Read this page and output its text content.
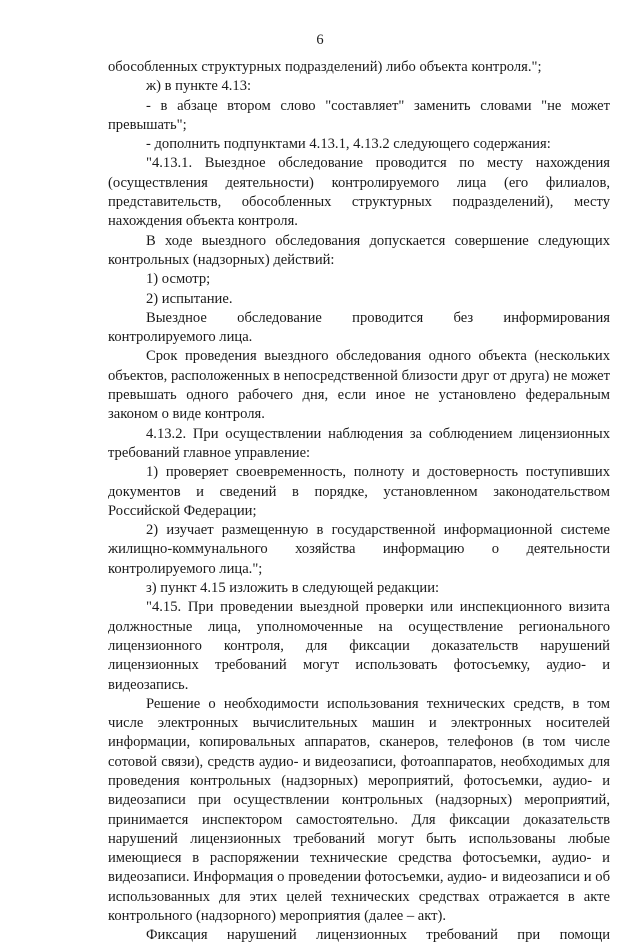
6

обособленных структурных подразделений) либо объекта контроля.";

ж) в пункте 4.13:

- в абзаце втором слово "составляет" заменить словами "не может превышать";

- дополнить подпунктами 4.13.1, 4.13.2 следующего содержания:

"4.13.1. Выездное обследование проводится по месту нахождения (осуществления деятельности) контролируемого лица (его филиалов, представительств, обособленных структурных подразделений), месту нахождения объекта контроля.

В ходе выездного обследования допускается совершение следующих контрольных (надзорных) действий:

1) осмотр;

2) испытание.

Выездное обследование проводится без информирования контролируемого лица.

Срок проведения выездного обследования одного объекта (нескольких объектов, расположенных в непосредственной близости друг от друга) не может превышать одного рабочего дня, если иное не установлено федеральным законом о виде контроля.

4.13.2. При осуществлении наблюдения за соблюдением лицензионных требований главное управление:

1) проверяет своевременность, полноту и достоверность поступивших документов и сведений в порядке, установленном законодательством Российской Федерации;

2) изучает размещенную в государственной информационной системе жилищно-коммунального хозяйства информацию о деятельности контролируемого лица.";

з) пункт 4.15 изложить в следующей редакции:

"4.15. При проведении выездной проверки или инспекционного визита должностные лица, уполномоченные на осуществление регионального лицензионного контроля, для фиксации доказательств нарушений лицензионных требований могут использовать фотосъемку, аудио- и видеозапись.

Решение о необходимости использования технических средств, в том числе электронных вычислительных машин и электронных носителей информации, копировальных аппаратов, сканеров, телефонов (в том числе сотовой связи), средств аудио- и видеозаписи, фотоаппаратов, необходимых для проведения контрольных (надзорных) мероприятий, фотосъемки, аудио- и видеозаписи при осуществлении контрольных (надзорных) мероприятий, принимается инспектором самостоятельно. Для фиксации доказательств нарушений лицензионных требований могут быть использованы любые имеющиеся в распоряжении технические средства фотосъемки, аудио- и видеозаписи. Информация о проведении фотосъемки, аудио- и видеозаписи и об использованных для этих целей технических средствах отражается в акте контрольного (надзорного) мероприятия (далее – акт).

Фиксация нарушений лицензионных требований при помощи
